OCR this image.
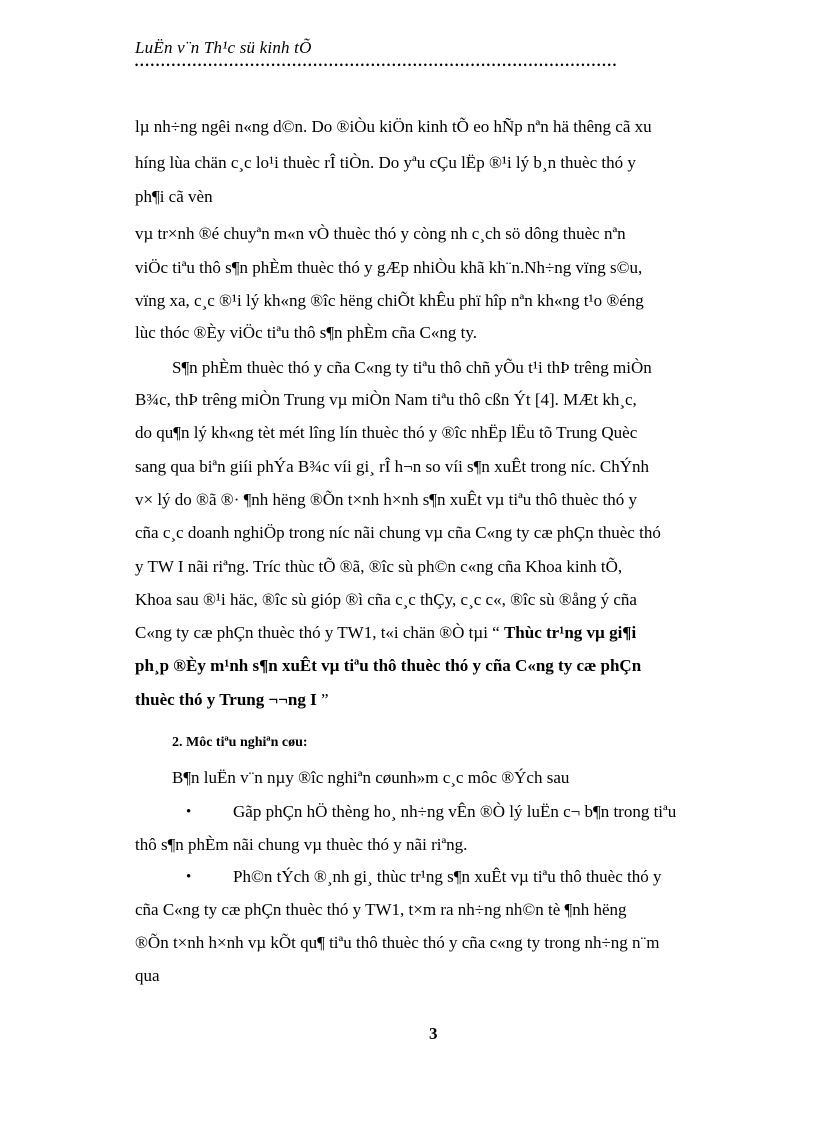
LuËn v¨n Th¹c sü kinh tÕ
••••••••••••••••••••••••••••••••••••••••••••••••••••••••••••••••••••••••••••••••••••••••••••
lµ nh÷ng ngêi n«ng d©n. Do ®iÒu kiÖn kinh tÕ eo hÑp nªn hä thêng cã xu
híng lùa chän c¸c lo¹i thuèc rÎ tiÒn. Do yªu cÇu lËp ®¹i lý b¸n thuèc thó y
ph¶i cã vèn
vµ tr×nh ®é chuyªn m«n vÒ thuèc thó y còng nh c¸ch sö dông thuèc nªn
viÖc tiªu thô s¶n phÈm thuèc thó y gÆp nhiÒu khã kh¨n.Nh÷ng vïng s©u,
vïng xa, c¸c ®¹i lý kh«ng ®îc hëng chiÕt khÊu phï hîp nªn kh«ng t¹o ®éng
lùc thóc ®Èy viÖc tiªu thô s¶n phÈm cña C«ng ty.
S¶n phÈm thuèc thó y cña C«ng ty tiªu thô chñ yÕu t¹i thÞ trêng miÒn
B¾c, thÞ trêng miÒn Trung vµ miÒn Nam tiªu thô cßn Ýt [4]. MÆt kh¸c,
do qu¶n lý kh«ng tèt mét lîng lín thuèc thó y ®îc nhËp lËu tõ Trung Quèc
sang qua biªn giíi phÝa B¾c víi gi¸ rÎ h¬n so víi s¶n xuÊt trong níc. ChÝnh
v× lý do ®ã ®· ¶nh hëng ®Õn t×nh h×nh s¶n xuÊt vµ tiªu thô thuèc thó y
cña c¸c doanh nghiÖp trong níc nãi chung vµ cña C«ng ty cæ phÇn thuèc thó
y TW I nãi riªng. Tríc thùc tÕ ®ã, ®îc sù ph©n c«ng cña Khoa kinh tÕ,
Khoa sau ®¹i häc, ®îc sù gióp ®ì cña c¸c thÇy, c¸c c«, ®îc sù ®ång ý cña
C«ng ty cæ phÇn thuèc thó y TW1, t«i chän ®Ò tµi “ Thùc tr¹ng vµ gi¶i
ph¸p ®Èy m¹nh s¶n xuÊt vµ tiªu thô thuèc thó y cña C«ng ty cæ phÇn
thuèc thó y Trung ¬¬ng I ”
2. Môc tiªu nghiªn cøu:
B¶n luËn v¨n nµy ®îc nghiªn cøunh»m c¸c môc ®Ých sau
• Gãp phÇn hÖ thèng ho¸ nh÷ng vÊn ®Ò lý luËn c¬ b¶n trong tiªu
thô s¶n phÈm nãi chung vµ thuèc thó y nãi riªng.
• Ph©n tÝch ®¸nh gi¸ thùc tr¹ng s¶n xuÊt vµ tiªu thô thuèc thó y
cña C«ng ty cæ phÇn thuèc thó y TW1, t×m ra nh÷ng nh©n tè ¶nh hëng
®Õn t×nh h×nh vµ kÕt qu¶ tiªu thô thuèc thó y cña c«ng ty trong nh÷ng n¨m
qua
3
